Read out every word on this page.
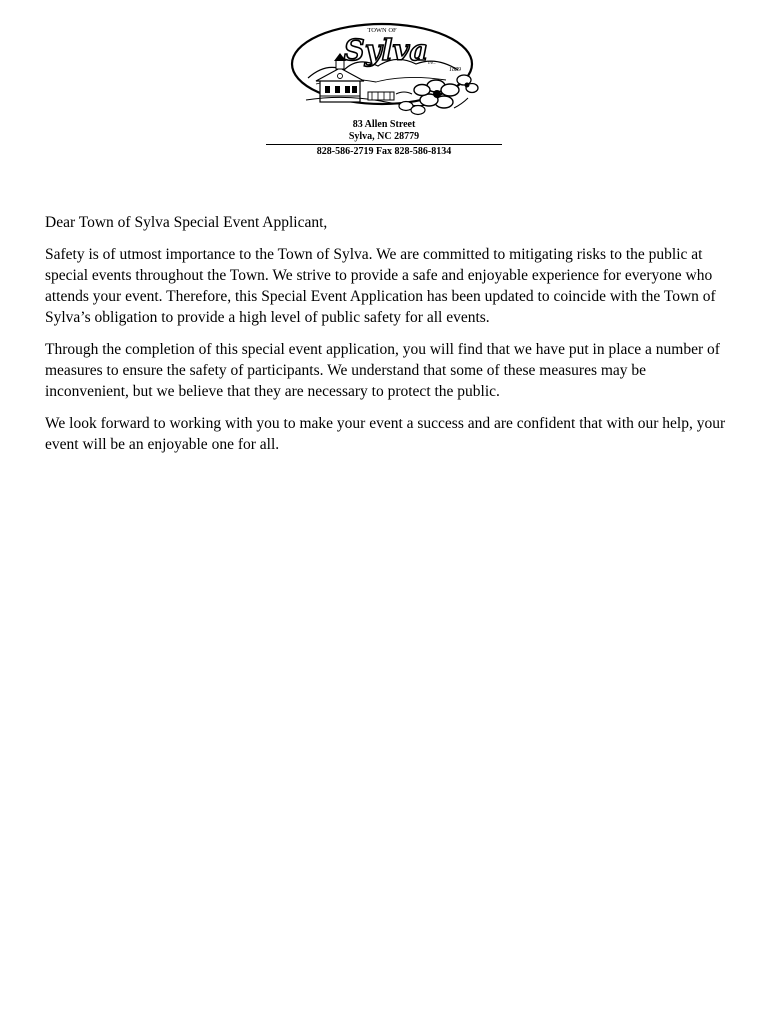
TOWN OF
Sylva INC.
1889
83 Allen Street
Sylva, NC 28779
828-586-2719 Fax 828-586-8134

Dear Town of Sylva Special Event Applicant,

Safety is of utmost importance to the Town of Sylva. We are committed to mitigating risks to the public at special events throughout the Town. We strive to provide a safe and enjoyable experience for everyone who attends your event. Therefore, this Special Event Application has been updated to coincide with the Town of Sylva’s obligation to provide a high level of public safety for all events.

Through the completion of this special event application, you will find that we have put in place a number of measures to ensure the safety of participants. We understand that some of these measures may be inconvenient, but we believe that they are necessary to protect the public.

We look forward to working with you to make your event a success and are confident that with our help, your event will be an enjoyable one for all.
